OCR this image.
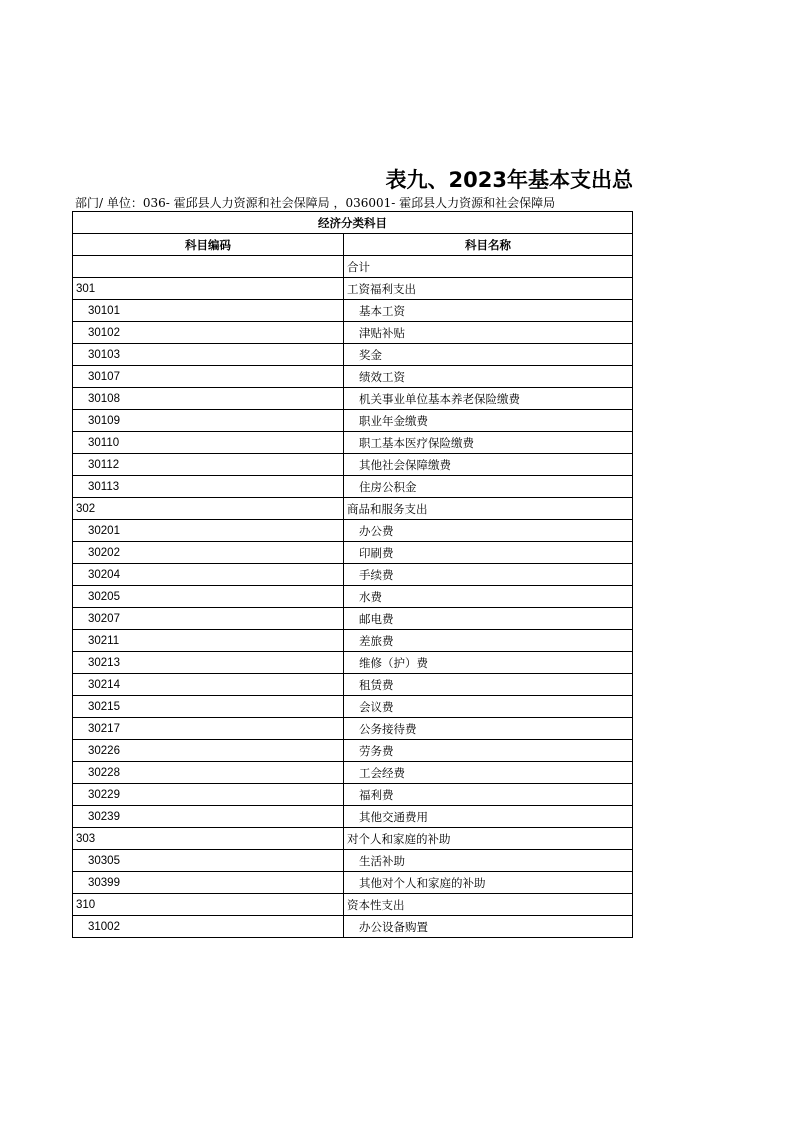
表九、2023年基本支出总
部门/ 单位：036- 霍邱县人力资源和社会保障局 ，036001- 霍邱县人力资源和社会保障局
经济分类科目	
科目编码	科目名称
	合计
301	工资福利支出
30101	基本工资
30102	津贴补贴
30103	奖金
30107	绩效工资
30108	机关事业单位基本养老保险缴费
30109	职业年金缴费
30110	职工基本医疗保险缴费
30112	其他社会保障缴费
30113	住房公积金
302	商品和服务支出
30201	办公费
30202	印刷费
30204	手续费
30205	水费
30207	邮电费
30211	差旅费
30213	维修（护）费
30214	租赁费
30215	会议费
30217	公务接待费
30226	劳务费
30228	工会经费
30229	福利费
30239	其他交通费用
303	对个人和家庭的补助
30305	生活补助
30399	其他对个人和家庭的补助
310	资本性支出
31002	办公设备购置
